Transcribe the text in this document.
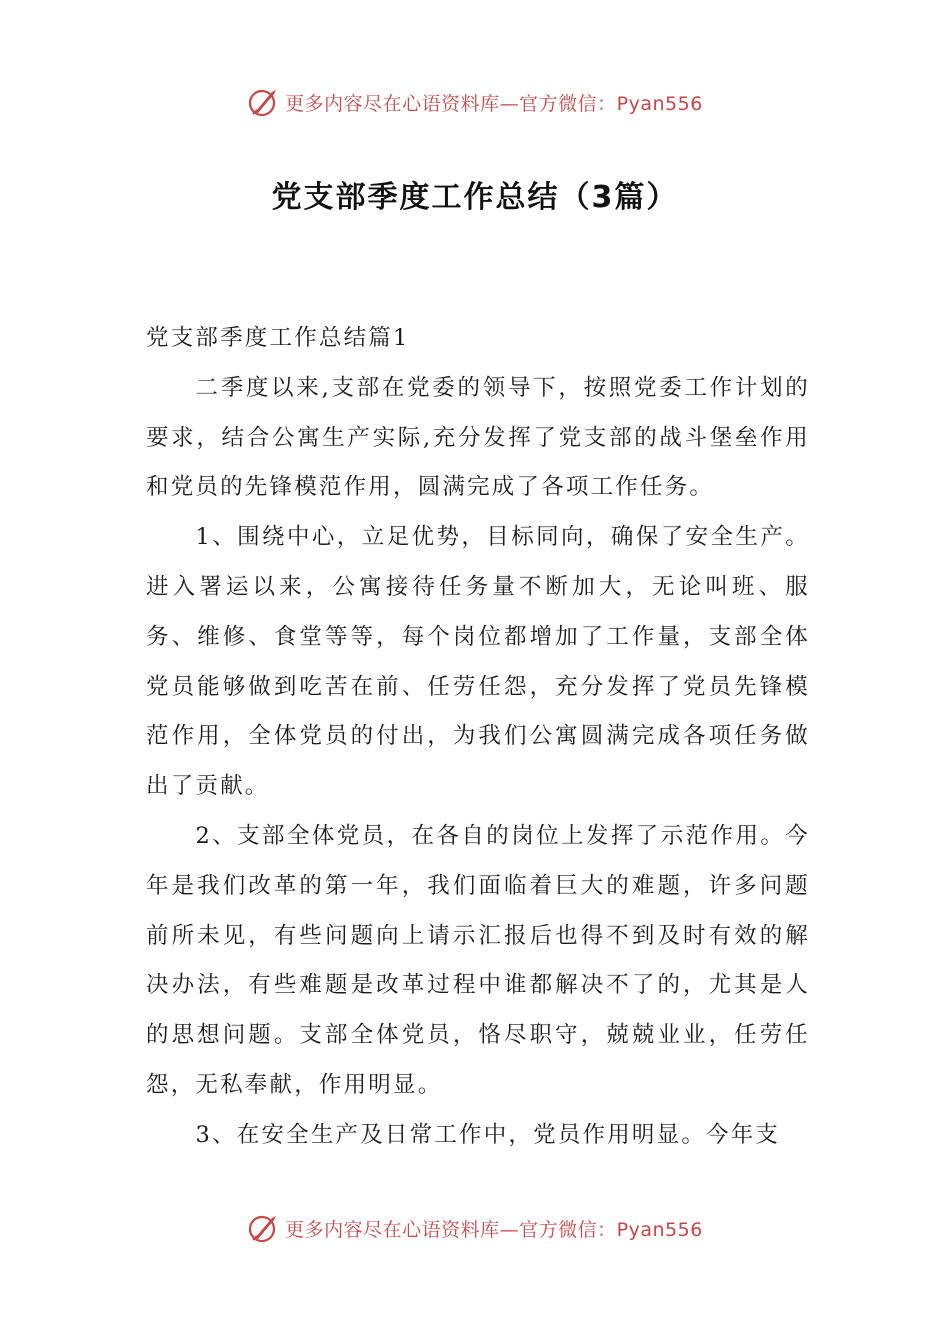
更多内容尽在心语资料库—官方微信：Pyan556
党支部季度工作总结（3篇）

党支部季度工作总结篇1

二季度以来,支部在党委的领导下，按照党委工作计划的要求，结合公寓生产实际,充分发挥了党支部的战斗堡垒作用和党员的先锋模范作用，圆满完成了各项工作任务。

1、围绕中心，立足优势，目标同向，确保了安全生产。进入署运以来，公寓接待任务量不断加大，无论叫班、服务、维修、食堂等等，每个岗位都增加了工作量，支部全体党员能够做到吃苦在前、任劳任怨，充分发挥了党员先锋模范作用，全体党员的付出，为我们公寓圆满完成各项任务做出了贡献。

2、支部全体党员，在各自的岗位上发挥了示范作用。今年是我们改革的第一年，我们面临着巨大的难题，许多问题前所未见，有些问题向上请示汇报后也得不到及时有效的解决办法，有些难题是改革过程中谁都解决不了的，尤其是人的思想问题。支部全体党员，恪尽职守，兢兢业业，任劳任怨，无私奉献，作用明显。

3、在安全生产及日常工作中，党员作用明显。今年支

更多内容尽在心语资料库—官方微信：Pyan556
